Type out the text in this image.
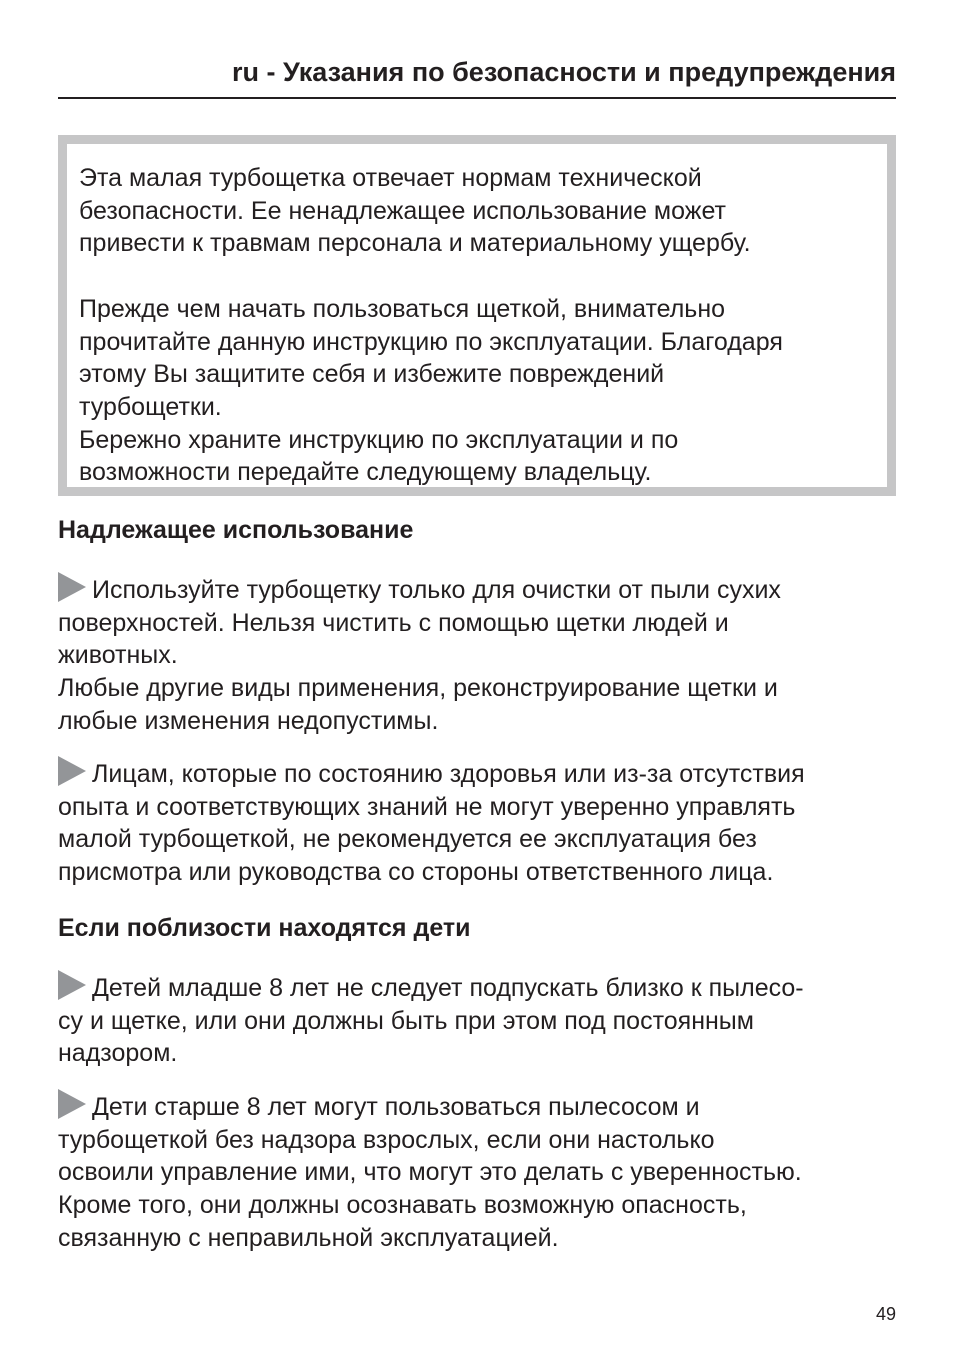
ru - Указания по безопасности и предупреждения

Эта малая турбощетка отвечает нормам технической
безопасности. Ее ненадлежащее использование может
привести к травмам персонала и материальному ущербу.

Прежде чем начать пользоваться щеткой, внимательно
прочитайте данную инструкцию по эксплуатации. Благодаря
этому Вы защитите себя и избежите повреждений
турбощетки.

Бережно храните инструкцию по эксплуатации и по
возможности передайте следующему владельцу.

Надлежащее использование

Используйте турбощетку только для очистки от пыли сухих
поверхностей. Нельзя чистить с помощью щетки людей и
животных.
Любые другие виды применения, реконструирование щетки и
любые изменения недопустимы.

Лицам, которые по состоянию здоровья или из-за отсутствия
опыта и соответствующих знаний не могут уверенно управлять
малой турбощеткой, не рекомендуется ее эксплуатация без
присмотра или руководства со стороны ответственного лица.

Если поблизости находятся дети

Детей младше 8 лет не следует подпускать близко к пылесо-
су и щетке, или они должны быть при этом под постоянным
надзором.

Дети старше 8 лет могут пользоваться пылесосом и
турбощеткой без надзора взрослых, если они настолько
освоили управление ими, что могут это делать с уверенностью.
Кроме того, они должны осознавать возможную опасность,
связанную с неправильной эксплуатацией.

49
